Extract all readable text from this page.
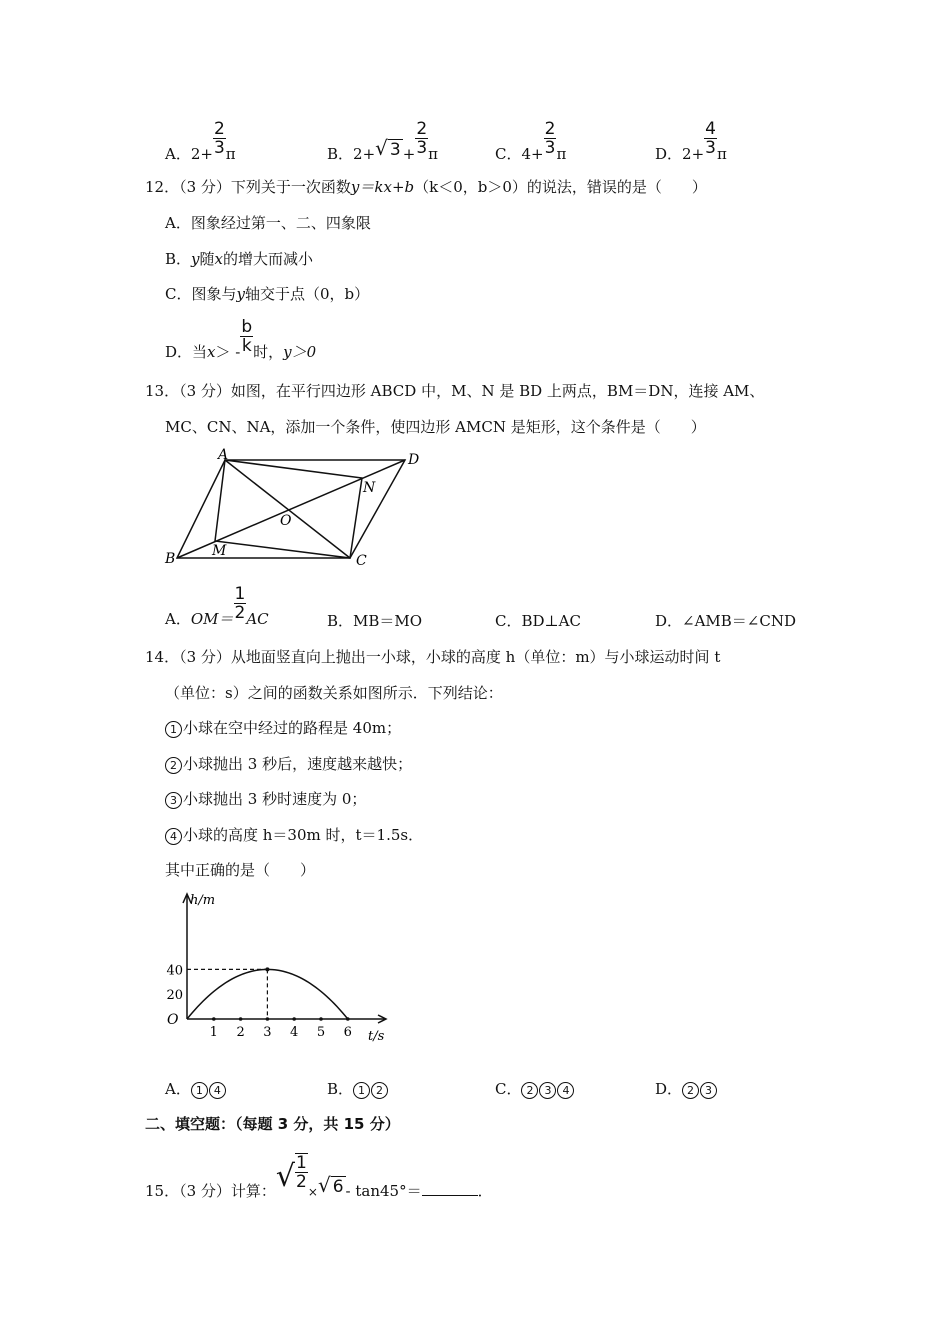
A．$2+ \frac{2}{3}$ π	B．2+√ $3 + \frac{2}{3}$ π	C．$4+ \frac{2}{3}$ π	D．$2+ \frac{4}{3}$ π
12．（3 分）下列关于一次函数y＝kx+b（k＜0，b＞0）的说法，错误的是（　　）
A．图象经过第一、二、四象限
B．y随x的增大而减小
C．图象与y轴交于点（0，b）
D．当$x> - \frac{b}{k}$ 时，y＞0
13．（3 分）如图，在平行四边形 ABCD 中，M、N 是 BD 上两点，BM＝DN，连接 AM、
MC、CN、NA，添加一个条件，使四边形 AMCN 是矩形，这个条件是（　　）
A	D
B	C
M
N
O
A．$OM= \frac{1}{2}$ AC	B．MB＝MO	C．BD⊥AC	D．∠AMB＝∠CND
14．（3 分）从地面竖直向上抛出一小球，小球的高度 h（单位：m）与小球运动时间 t
（单位：s）之间的函数关系如图所示．下列结论：
1 小球在空中经过的路程是 40m；
2 小球抛出 3 秒后，速度越来越快；
3 小球抛出 3 秒时速度为 0；
4 小球的高度 h＝30m 时，t＝1.5s．
其中正确的是（　　）
h/m
t/s
O
1 2 3 4 5 6
40
20
A． 1 4	B． 1 2	C． 2 3 4	D． 2 3
二、填空题：（每题 3 分，共 15 分）
15．（3 分）计算：√ $\frac{1}{2}$
$_\times$√ 6 - tan45°＝	．
